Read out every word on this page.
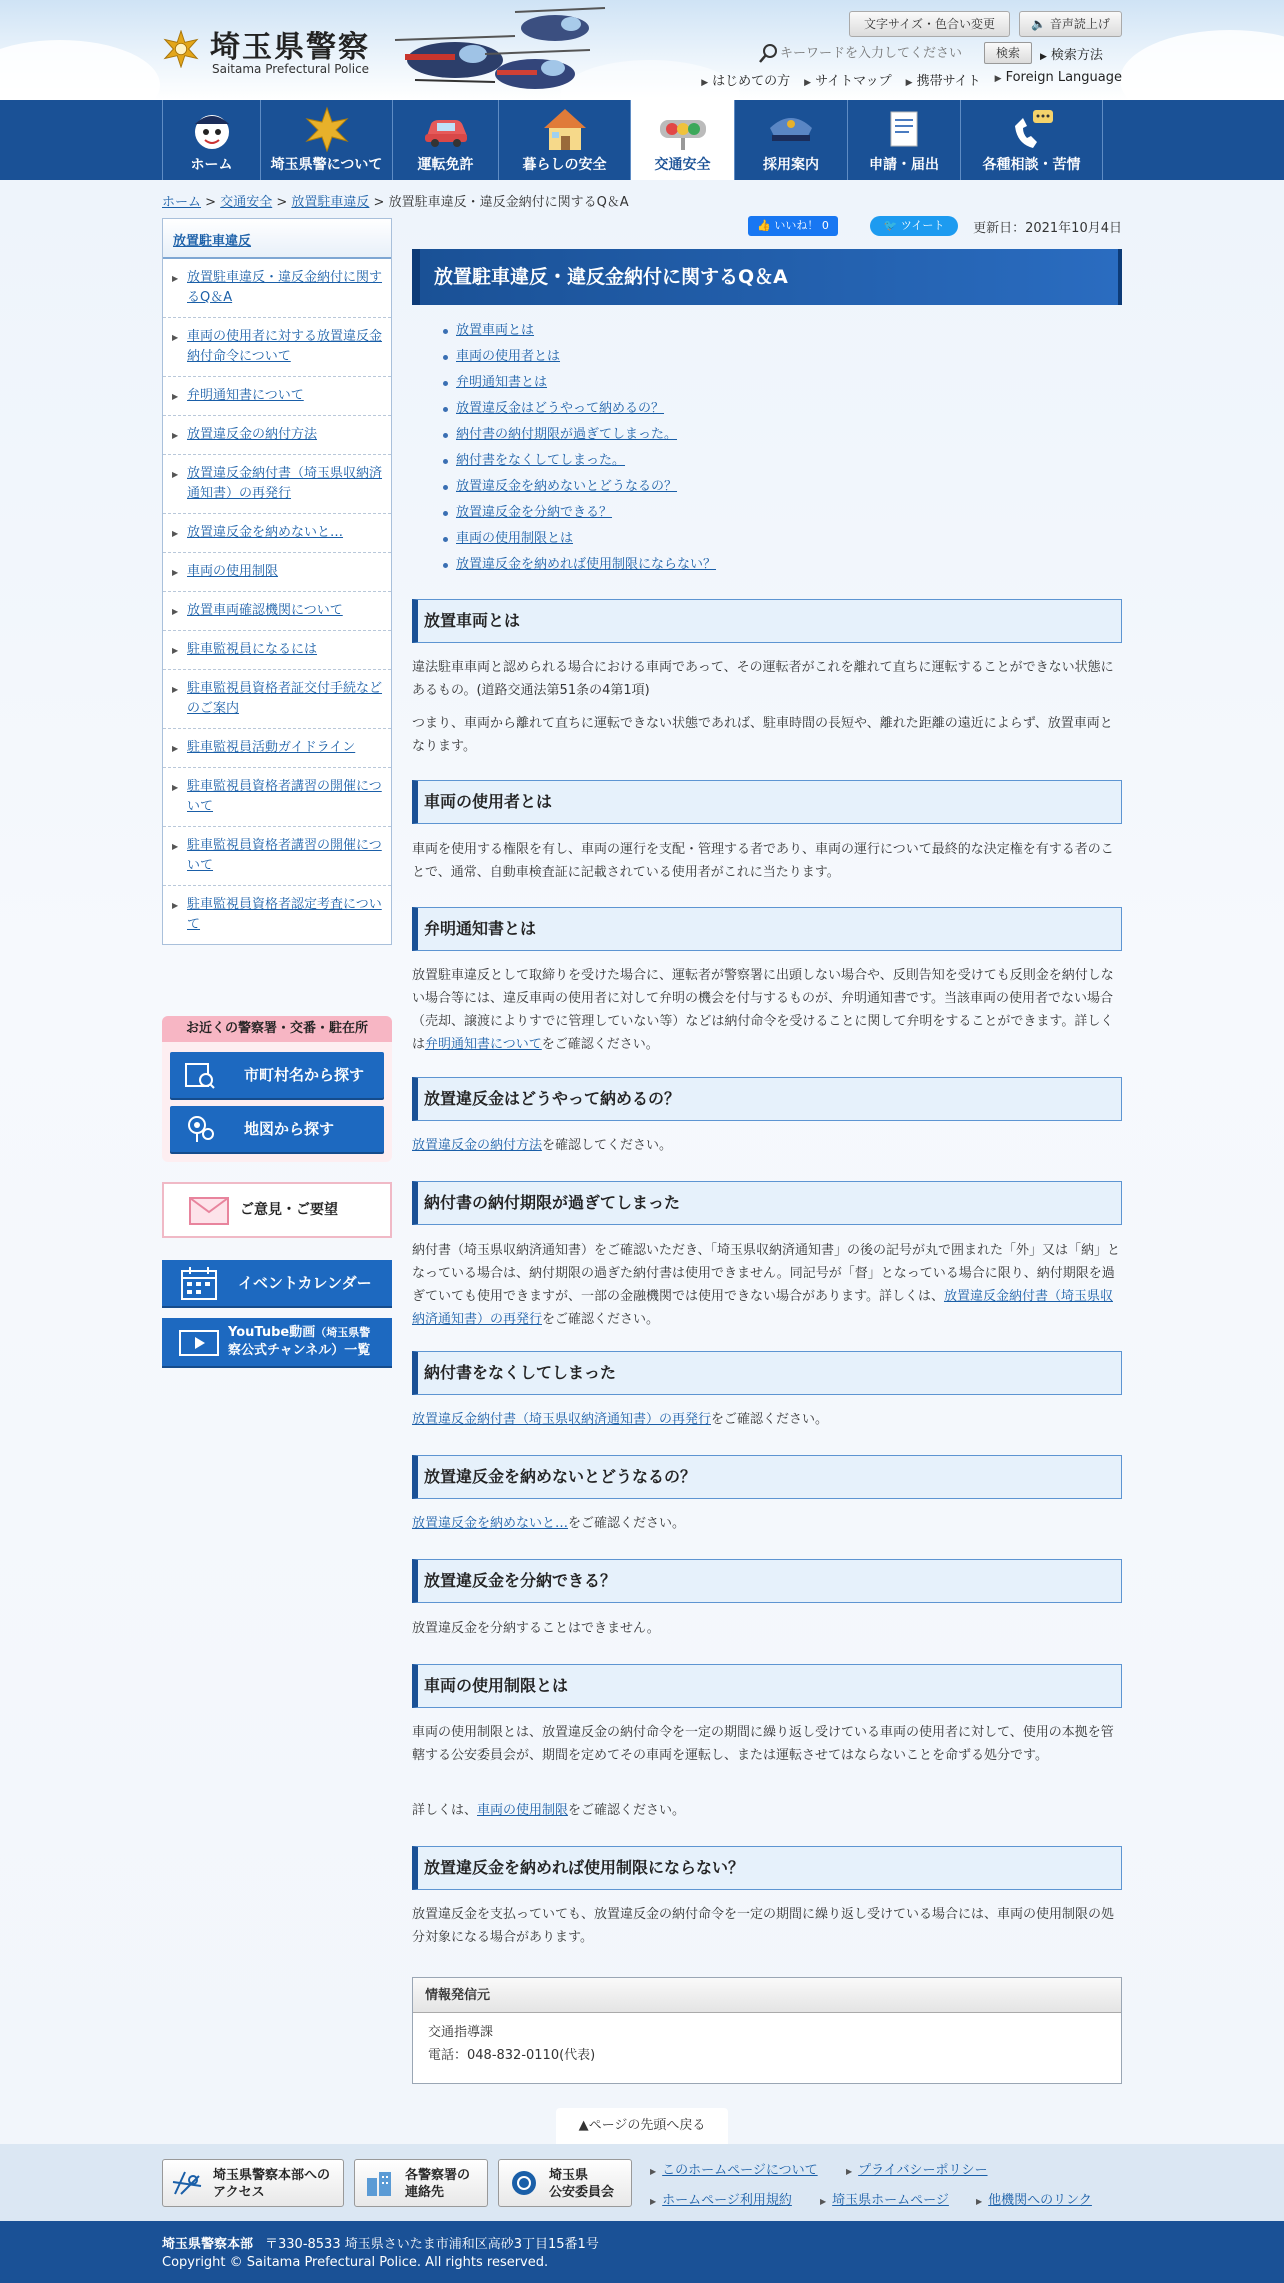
埼玉県警察
Saitama Prefectural Police
文字サイズ・色合い変更	🔈 音声読上げ
キーワードを入力してください
検索	▶ 検索方法
▶ はじめての方 ▶ サイトマップ ▶ 携帯サイト ▶ Foreign Language
ホーム	埼玉県警について	運転免許	暮らしの安全	交通安全	採用案内	申請・届出	各種相談・苦情
ホーム > 交通安全 > 放置駐車違反 > 放置駐車違反・違反金納付に関するQ＆A
放置駐車違反
▶ 放置駐車違反・違反金納付に関するQ＆A
▶ 車両の使用者に対する放置違反金納付命令について
▶ 弁明通知書について
▶ 放置違反金の納付方法
▶ 放置違反金納付書（埼玉県収納済通知書）の再発行
▶ 放置違反金を納めないと…
▶ 車両の使用制限
▶ 放置車両確認機関について
▶ 駐車監視員になるには
▶ 駐車監視員資格者証交付手続などのご案内
▶ 駐車監視員活動ガイドライン
▶ 駐車監視員資格者講習の開催について
▶ 駐車監視員資格者講習の開催について
▶ 駐車監視員資格者認定考査について
お近くの警察署・交番・駐在所
市町村名から探す
地図から探す
ご意見・ご要望
イベントカレンダー
YouTube動画（埼玉県警
察公式チャンネル）一覧
👍 いいね！ 0	🐦 ツイート	更新日：2021年10月4日
放置駐車違反・違反金納付に関するQ＆A
放置車両とは
車両の使用者とは
弁明通知書とは
放置違反金はどうやって納めるの？
納付書の納付期限が過ぎてしまった。
納付書をなくしてしまった。
放置違反金を納めないとどうなるの？
放置違反金を分納できる？
車両の使用制限とは
放置違反金を納めれば使用制限にならない？
放置車両とは

違法駐車車両と認められる場合における車両であって、その運転者がこれを離れて直ちに運転することができない状態にあるもの。(道路交通法第51条の4第1項)

つまり、車両から離れて直ちに運転できない状態であれば、駐車時間の長短や、離れた距離の遠近によらず、放置車両となります。

車両の使用者とは

車両を使用する権限を有し、車両の運行を支配・管理する者であり、車両の運行について最終的な決定権を有する者のことで、通常、自動車検査証に記載されている使用者がこれに当たります。

弁明通知書とは

放置駐車違反として取締りを受けた場合に、運転者が警察署に出頭しない場合や、反則告知を受けても反則金を納付しない場合等には、違反車両の使用者に対して弁明の機会を付与するものが、弁明通知書です。当該車両の使用者でない場合（売却、譲渡によりすでに管理していない等）などは納付命令を受けることに関して弁明をすることができます。詳しくは弁明通知書についてをご確認ください。

放置違反金はどうやって納めるの？

放置違反金の納付方法を確認してください。

納付書の納付期限が過ぎてしまった

納付書（埼玉県収納済通知書）をご確認いただき、「埼玉県収納済通知書」の後の記号が丸で囲まれた「外」又は「納」となっている場合は、納付期限の過ぎた納付書は使用できません。同記号が「督」となっている場合に限り、納付期限を過ぎていても使用できますが、一部の金融機関では使用できない場合があります。詳しくは、放置違反金納付書（埼玉県収納済通知書）の再発行をご確認ください。

納付書をなくしてしまった

放置違反金納付書（埼玉県収納済通知書）の再発行をご確認ください。

放置違反金を納めないとどうなるの？

放置違反金を納めないと…をご確認ください。

放置違反金を分納できる？

放置違反金を分納することはできません。

車両の使用制限とは

車両の使用制限とは、放置違反金の納付命令を一定の期間に繰り返し受けている車両の使用者に対して、使用の本拠を管轄する公安委員会が、期間を定めてその車両を運転し、または運転させてはならないことを命ずる処分です。

詳しくは、車両の使用制限をご確認ください。

放置違反金を納めれば使用制限にならない？

放置違反金を支払っていても、放置違反金の納付命令を一定の期間に繰り返し受けている場合には、車両の使用制限の処分対象になる場合があります。

情報発信元
交通指導課
電話：048-832-0110(代表)
▲ページの先頭へ戻る
埼玉県警察本部への
アクセス
各警察署の
連絡先
埼玉県
公安委員会
▶ このホームページについて	▶ プライバシーポリシー
▶ ホームページ利用規約	▶ 埼玉県ホームページ	▶ 他機関へのリンク
埼玉県警察本部 〒330-8533 埼玉県さいたま市浦和区高砂3丁目15番1号
Copyright © Saitama Prefectural Police. All rights reserved.
